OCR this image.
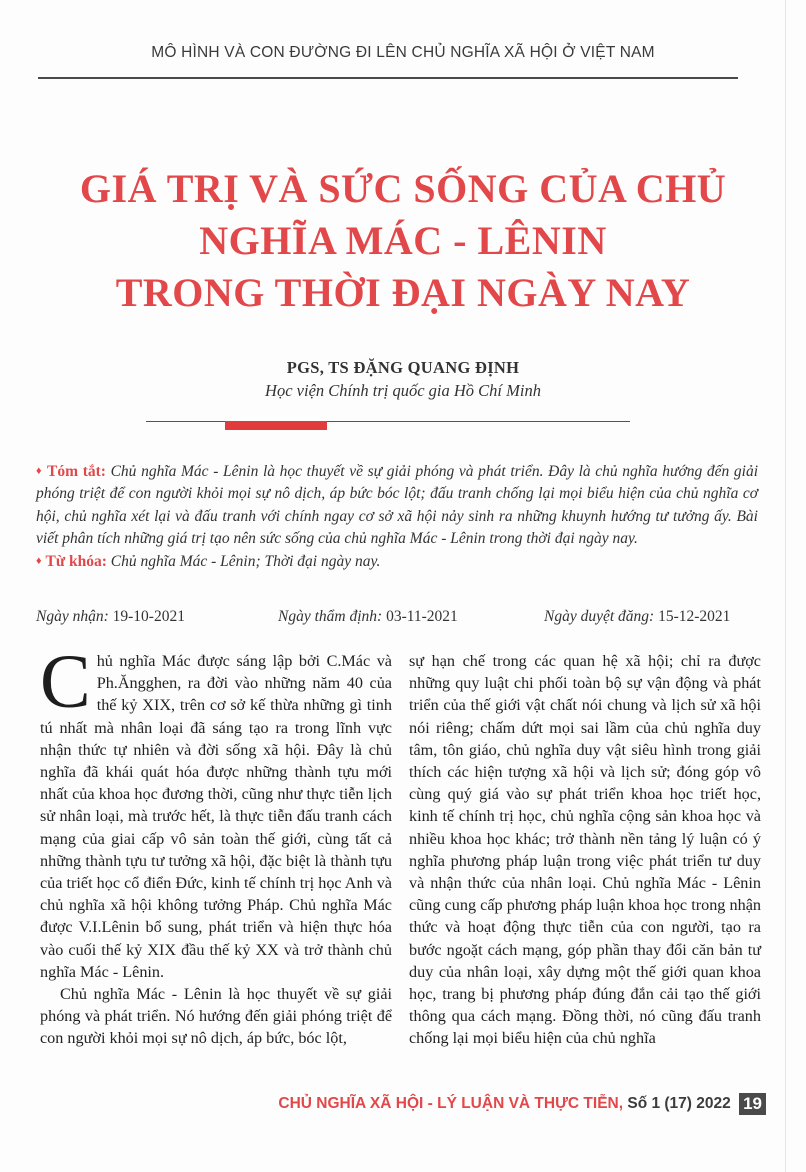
MÔ HÌNH VÀ CON ĐƯỜNG ĐI LÊN CHỦ NGHĨA XÃ HỘI Ở VIỆT NAM
GIÁ TRỊ VÀ SỨC SỐNG CỦA CHỦ
NGHĨA MÁC - LÊNIN
TRONG THỜI ĐẠI NGÀY NAY
PGS, TS ĐẶNG QUANG ĐỊNH
Học viện Chính trị quốc gia Hồ Chí Minh
♦ Tóm tắt: Chủ nghĩa Mác - Lênin là học thuyết về sự giải phóng và phát triển. Đây là chủ nghĩa hướng đến giải phóng triệt để con người khỏi mọi sự nô dịch, áp bức bóc lột; đấu tranh chống lại mọi biểu hiện của chủ nghĩa cơ hội, chủ nghĩa xét lại và đấu tranh với chính ngay cơ sở xã hội nảy sinh ra những khuynh hướng tư tưởng ấy. Bài viết phân tích những giá trị tạo nên sức sống của chủ nghĩa Mác - Lênin trong thời đại ngày nay.
♦ Từ khóa: Chủ nghĩa Mác - Lênin; Thời đại ngày nay.
Ngày nhận: 19-10-2021	Ngày thẩm định: 03-11-2021	Ngày duyệt đăng: 15-12-2021

Chủ nghĩa Mác được sáng lập bởi C.Mác và Ph.Ăngghen, ra đời vào những năm 40 của thế kỷ XIX, trên cơ sở kế thừa những gì tinh tú nhất mà nhân loại đã sáng tạo ra trong lĩnh vực nhận thức tự nhiên và đời sống xã hội. Đây là chủ nghĩa đã khái quát hóa được những thành tựu mới nhất của khoa học đương thời, cũng như thực tiễn lịch sử nhân loại, mà trước hết, là thực tiễn đấu tranh cách mạng của giai cấp vô sản toàn thế giới, cùng tất cả những thành tựu tư tưởng xã hội, đặc biệt là thành tựu của triết học cổ điển Đức, kinh tế chính trị học Anh và chủ nghĩa xã hội không tưởng Pháp. Chủ nghĩa Mác được V.I.Lênin bổ sung, phát triển và hiện thực hóa vào cuối thế kỷ XIX đầu thế kỷ XX và trở thành chủ nghĩa Mác - Lênin.

Chủ nghĩa Mác - Lênin là học thuyết về sự giải phóng và phát triển. Nó hướng đến giải phóng triệt để con người khỏi mọi sự nô dịch, áp bức, bóc lột,

sự hạn chế trong các quan hệ xã hội; chỉ ra được những quy luật chi phối toàn bộ sự vận động và phát triển của thế giới vật chất nói chung và lịch sử xã hội nói riêng; chấm dứt mọi sai lầm của chủ nghĩa duy tâm, tôn giáo, chủ nghĩa duy vật siêu hình trong giải thích các hiện tượng xã hội và lịch sử; đóng góp vô cùng quý giá vào sự phát triển khoa học triết học, kinh tế chính trị học, chủ nghĩa cộng sản khoa học và nhiều khoa học khác; trở thành nền tảng lý luận có ý nghĩa phương pháp luận trong việc phát triển tư duy và nhận thức của nhân loại. Chủ nghĩa Mác - Lênin cũng cung cấp phương pháp luận khoa học trong nhận thức và hoạt động thực tiễn của con người, tạo ra bước ngoặt cách mạng, góp phần thay đổi căn bản tư duy của nhân loại, xây dựng một thế giới quan khoa học, trang bị phương pháp đúng đắn cải tạo thế giới thông qua cách mạng. Đồng thời, nó cũng đấu tranh chống lại mọi biểu hiện của chủ nghĩa

CHỦ NGHĨA XÃ HỘI - LÝ LUẬN VÀ THỰC TIỄN, Số 1 (17) 2022 19
